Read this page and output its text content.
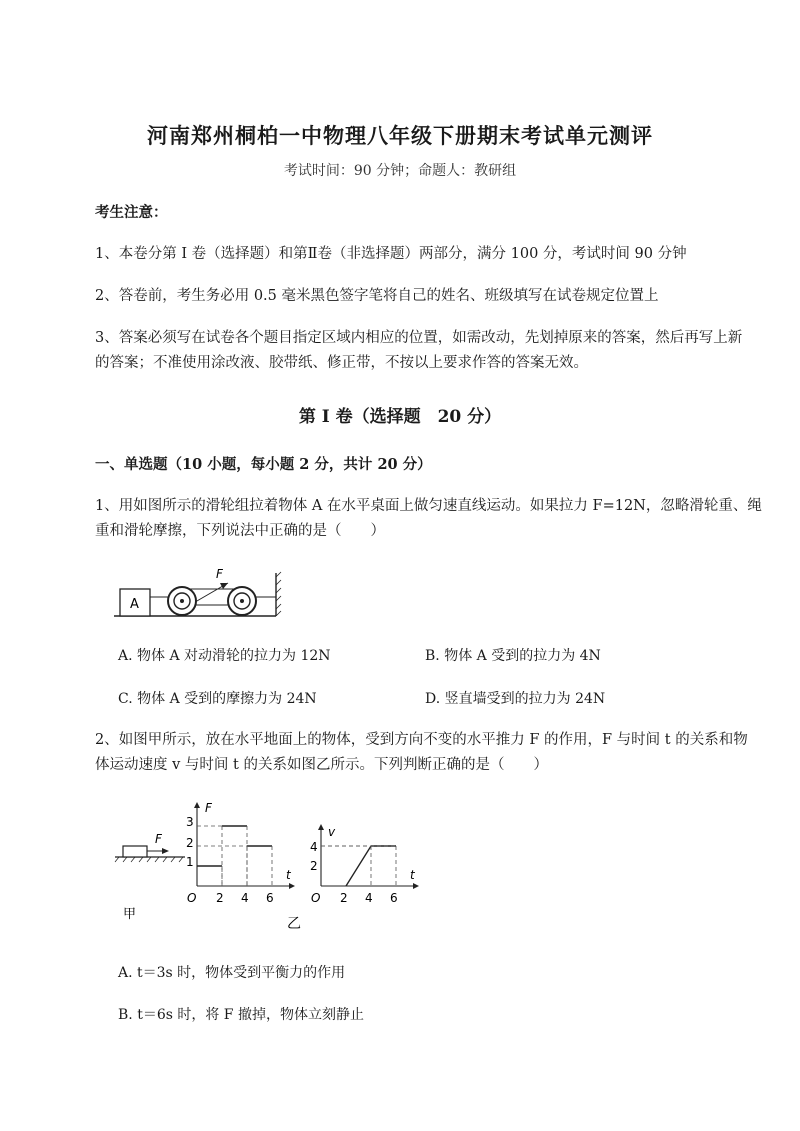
河南郑州桐柏一中物理八年级下册期末考试单元测评
考试时间：90 分钟；命题人：教研组
考生注意：
1、本卷分第 I 卷（选择题）和第Ⅱ卷（非选择题）两部分，满分 100 分，考试时间 90 分钟
2、答卷前，考生务必用 0.5 毫米黑色签字笔将自己的姓名、班级填写在试卷规定位置上
3、答案必须写在试卷各个题目指定区域内相应的位置，如需改动，先划掉原来的答案，然后再写上新
的答案；不准使用涂改液、胶带纸、修正带，不按以上要求作答的答案无效。
第 I 卷（选择题　20 分）
一、单选题（10 小题，每小题 2 分，共计 20 分）
1、用如图所示的滑轮组拉着物体 A 在水平桌面上做匀速直线运动。如果拉力 F=12N，忽略滑轮重、绳
重和滑轮摩擦，下列说法中正确的是（　　）
A
F
A. 物体 A 对动滑轮的拉力为 12N	B. 物体 A 受到的拉力为 4N
C. 物体 A 受到的摩擦力为 24N	D. 竖直墙受到的拉力为 24N
2、如图甲所示，放在水平地面上的物体，受到方向不变的水平推力 F 的作用，F 与时间 t 的关系和物
体运动速度 v 与时间 t 的关系如图乙所示。下列判断正确的是（　　）
F
甲
F
t
O
1
2
3
2 4 6
v
t
O
2
4
2 4 6
乙
A. t＝3s 时，物体受到平衡力的作用
B. t＝6s 时，将 F 撤掉，物体立刻静止
